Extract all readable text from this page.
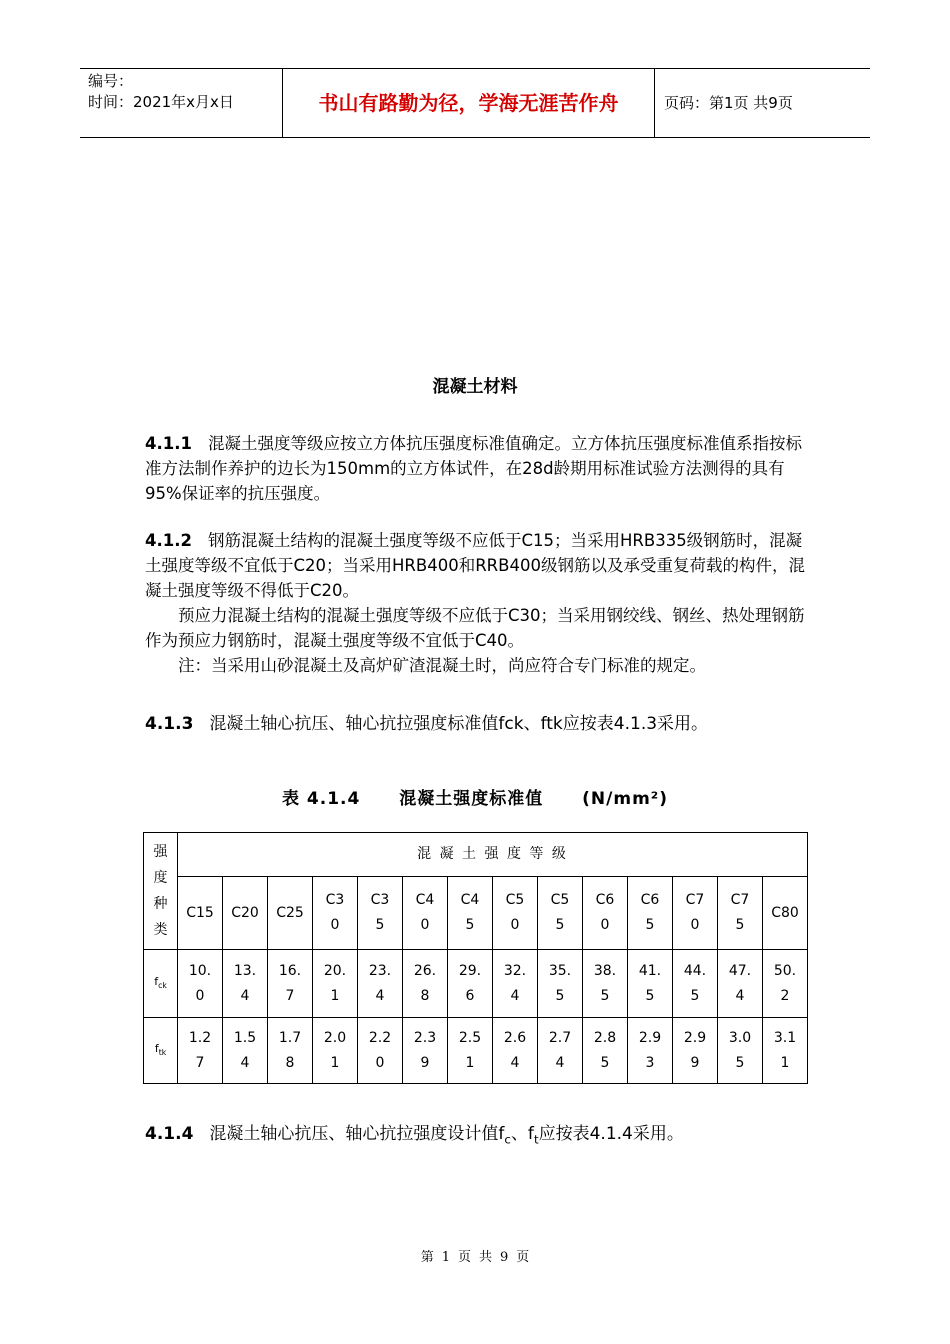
编号：
时间：2021年x月x日	书山有路勤为径，学海无涯苦作舟	页码：第1页 共9页
混凝土材料
4.1.1 混凝土强度等级应按立方体抗压强度标准值确定。立方体抗压强度标准值系指按标准方法制作养护的边长为150mm的立方体试件，在28d龄期用标准试验方法测得的具有95%保证率的抗压强度。
4.1.2 钢筋混凝土结构的混凝土强度等级不应低于C15；当采用HRB335级钢筋时，混凝土强度等级不宜低于C20；当采用HRB400和RRB400级钢筋以及承受重复荷载的构件，混凝土强度等级不得低于C20。
预应力混凝土结构的混凝土强度等级不应低于C30；当采用钢绞线、钢丝、热处理钢筋作为预应力钢筋时，混凝土强度等级不宜低于C40。
注：当采用山砂混凝土及高炉矿渣混凝土时，尚应符合专门标准的规定。
4.1.3 混凝土轴心抗压、轴心抗拉强度标准值fck、ftk应按表4.1.3采用。
表 4.1.4 混凝土强度标准值 (N/mm²)
强度种类	混 凝 土 强 度 等 级													
	C15	C20	C25	C30	C35	C40	C45	C50	C55	C60	C65	C70	C75	C80
$f_{ck}$	10.0	13.4	16.7	20.1	23.4	26.8	29.6	32.4	35.5	38.5	41.5	44.5	47.4	50.2
$f_{tk}$	1.27	1.54	1.78	2.01	2.20	2.39	2.51	2.64	2.74	2.85	2.93	2.99	3.05	3.11
4.1.4 混凝土轴心抗压、轴心抗拉强度设计值$f_c$、$f_t$应按表4.1.4采用。
第 1 页 共 9 页
